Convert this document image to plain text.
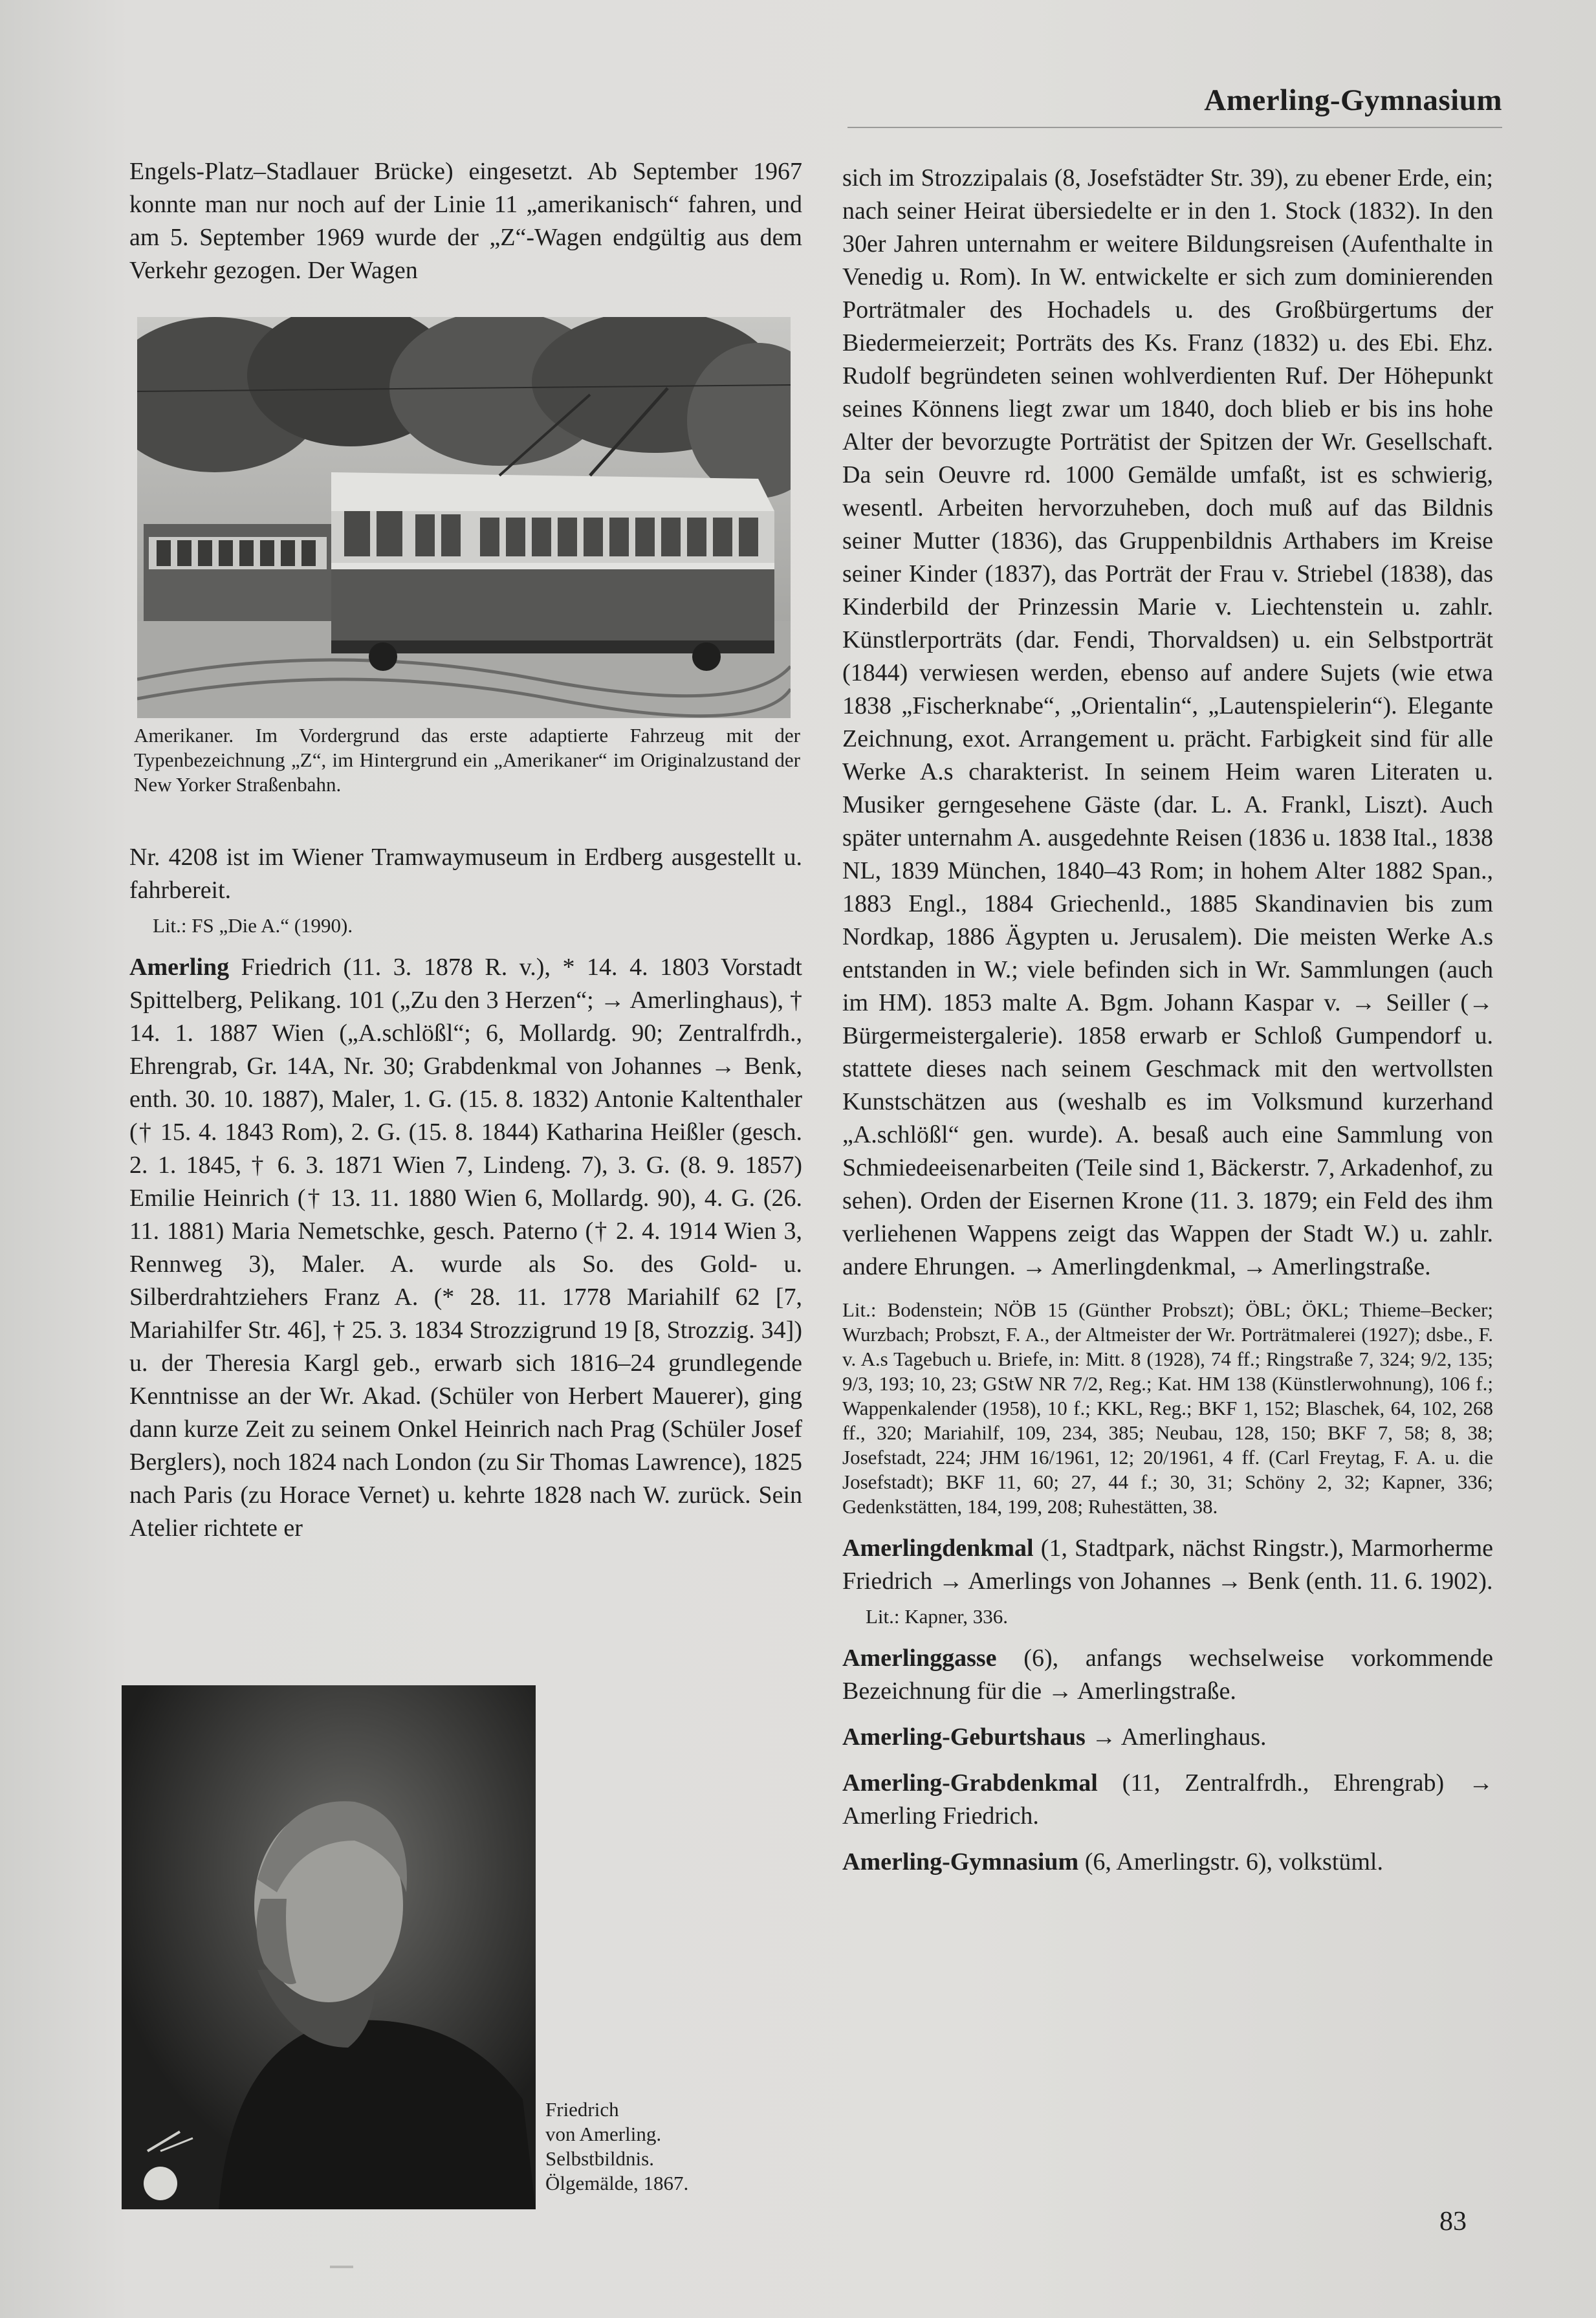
Amerling-Gymnasium

Engels-Platz–Stadlauer Brücke) eingesetzt. Ab September 1967 konnte man nur noch auf der Linie 11 „amerikanisch“ fahren, und am 5. September 1969 wurde der „Z“-Wagen endgültig aus dem Verkehr gezogen. Der Wagen

Amerikaner. Im Vordergrund das erste adaptierte Fahrzeug mit der Typenbezeichnung „Z“, im Hintergrund ein „Amerikaner“ im Originalzustand der New Yorker Straßenbahn.

Nr. 4208 ist im Wiener Tramwaymuseum in Erdberg ausgestellt u. fahrbereit.

Lit.: FS „Die A.“ (1990).

Amerling Friedrich (11. 3. 1878 R. v.), * 14. 4. 1803 Vorstadt Spittelberg, Pelikang. 101 („Zu den 3 Herzen“; → Amerlinghaus), † 14. 1. 1887 Wien („A.schlößl“; 6, Mollardg. 90; Zentralfrdh., Ehrengrab, Gr. 14A, Nr. 30; Grabdenkmal von Johannes → Benk, enth. 30. 10. 1887), Maler, 1. G. (15. 8. 1832) Antonie Kaltenthaler († 15. 4. 1843 Rom), 2. G. (15. 8. 1844) Katharina Heißler (gesch. 2. 1. 1845, † 6. 3. 1871 Wien 7, Lindeng. 7), 3. G. (8. 9. 1857) Emilie Heinrich († 13. 11. 1880 Wien 6, Mollardg. 90), 4. G. (26. 11. 1881) Maria Nemetschke, gesch. Paterno († 2. 4. 1914 Wien 3, Rennweg 3), Maler. A. wurde als So. des Gold- u. Silberdrahtziehers Franz A. (* 28. 11. 1778 Mariahilf 62 [7, Mariahilfer Str. 46], † 25. 3. 1834 Strozzigrund 19 [8, Strozzig. 34]) u. der Theresia Kargl geb., erwarb sich 1816–24 grundlegende Kenntnisse an der Wr. Akad. (Schüler von Herbert Mauerer), ging dann kurze Zeit zu seinem Onkel Heinrich nach Prag (Schüler Josef Berglers), noch 1824 nach London (zu Sir Thomas Lawrence), 1825 nach Paris (zu Horace Vernet) u. kehrte 1828 nach W. zurück. Sein Atelier richtete er

Friedrich
von Amerling.
Selbstbildnis.
Ölgemälde, 1867.

sich im Strozzipalais (8, Josefstädter Str. 39), zu ebener Erde, ein; nach seiner Heirat übersiedelte er in den 1. Stock (1832). In den 30er Jahren unternahm er weitere Bildungsreisen (Aufenthalte in Venedig u. Rom). In W. entwickelte er sich zum dominierenden Porträtmaler des Hochadels u. des Großbürgertums der Biedermeierzeit; Porträts des Ks. Franz (1832) u. des Ebi. Ehz. Rudolf begründeten seinen wohlverdienten Ruf. Der Höhepunkt seines Könnens liegt zwar um 1840, doch blieb er bis ins hohe Alter der bevorzugte Porträtist der Spitzen der Wr. Gesellschaft. Da sein Oeuvre rd. 1000 Gemälde umfaßt, ist es schwierig, wesentl. Arbeiten hervorzuheben, doch muß auf das Bildnis seiner Mutter (1836), das Gruppenbildnis Arthabers im Kreise seiner Kinder (1837), das Porträt der Frau v. Striebel (1838), das Kinderbild der Prinzessin Marie v. Liechtenstein u. zahlr. Künstlerporträts (dar. Fendi, Thorvaldsen) u. ein Selbstporträt (1844) verwiesen werden, ebenso auf andere Sujets (wie etwa 1838 „Fischerknabe“, „Orientalin“, „Lautenspielerin“). Elegante Zeichnung, exot. Arrangement u. prächt. Farbigkeit sind für alle Werke A.s charakterist. In seinem Heim waren Literaten u. Musiker gerngesehene Gäste (dar. L. A. Frankl, Liszt). Auch später unternahm A. ausgedehnte Reisen (1836 u. 1838 Ital., 1838 NL, 1839 München, 1840–43 Rom; in hohem Alter 1882 Span., 1883 Engl., 1884 Griechenld., 1885 Skandinavien bis zum Nordkap, 1886 Ägypten u. Jerusalem). Die meisten Werke A.s entstanden in W.; viele befinden sich in Wr. Sammlungen (auch im HM). 1853 malte A. Bgm. Johann Kaspar v. → Seiller (→ Bürgermeistergalerie). 1858 erwarb er Schloß Gumpendorf u. stattete dieses nach seinem Geschmack mit den wertvollsten Kunstschätzen aus (weshalb es im Volksmund kurzerhand „A.schlößl“ gen. wurde). A. besaß auch eine Sammlung von Schmiedeeisenarbeiten (Teile sind 1, Bäckerstr. 7, Arkadenhof, zu sehen). Orden der Eisernen Krone (11. 3. 1879; ein Feld des ihm verliehenen Wappens zeigt das Wappen der Stadt W.) u. zahlr. andere Ehrungen. → Amerlingdenkmal, → Amerlingstraße.

Lit.: Bodenstein; NÖB 15 (Günther Probszt); ÖBL; ÖKL; Thieme–Becker; Wurzbach; Probszt, F. A., der Altmeister der Wr. Porträtmalerei (1927); dsbe., F. v. A.s Tagebuch u. Briefe, in: Mitt. 8 (1928), 74 ff.; Ringstraße 7, 324; 9/2, 135; 9/3, 193; 10, 23; GStW NR 7/2, Reg.; Kat. HM 138 (Künstlerwohnung), 106 f.; Wappenkalender (1958), 10 f.; KKL, Reg.; BKF 1, 152; Blaschek, 64, 102, 268 ff., 320; Mariahilf, 109, 234, 385; Neubau, 128, 150; BKF 7, 58; 8, 38; Josefstadt, 224; JHM 16/1961, 12; 20/1961, 4 ff. (Carl Freytag, F. A. u. die Josefstadt); BKF 11, 60; 27, 44 f.; 30, 31; Schöny 2, 32; Kapner, 336; Gedenkstätten, 184, 199, 208; Ruhestätten, 38.

Amerlingdenkmal (1, Stadtpark, nächst Ringstr.), Marmorherme Friedrich → Amerlings von Johannes → Benk (enth. 11. 6. 1902).

Lit.: Kapner, 336.

Amerlinggasse (6), anfangs wechselweise vorkommende Bezeichnung für die → Amerlingstraße.

Amerling-Geburtshaus → Amerlinghaus.

Amerling-Grabdenkmal (11, Zentralfrdh., Ehrengrab) → Amerling Friedrich.

Amerling-Gymnasium (6, Amerlingstr. 6), volkstüml.

83
